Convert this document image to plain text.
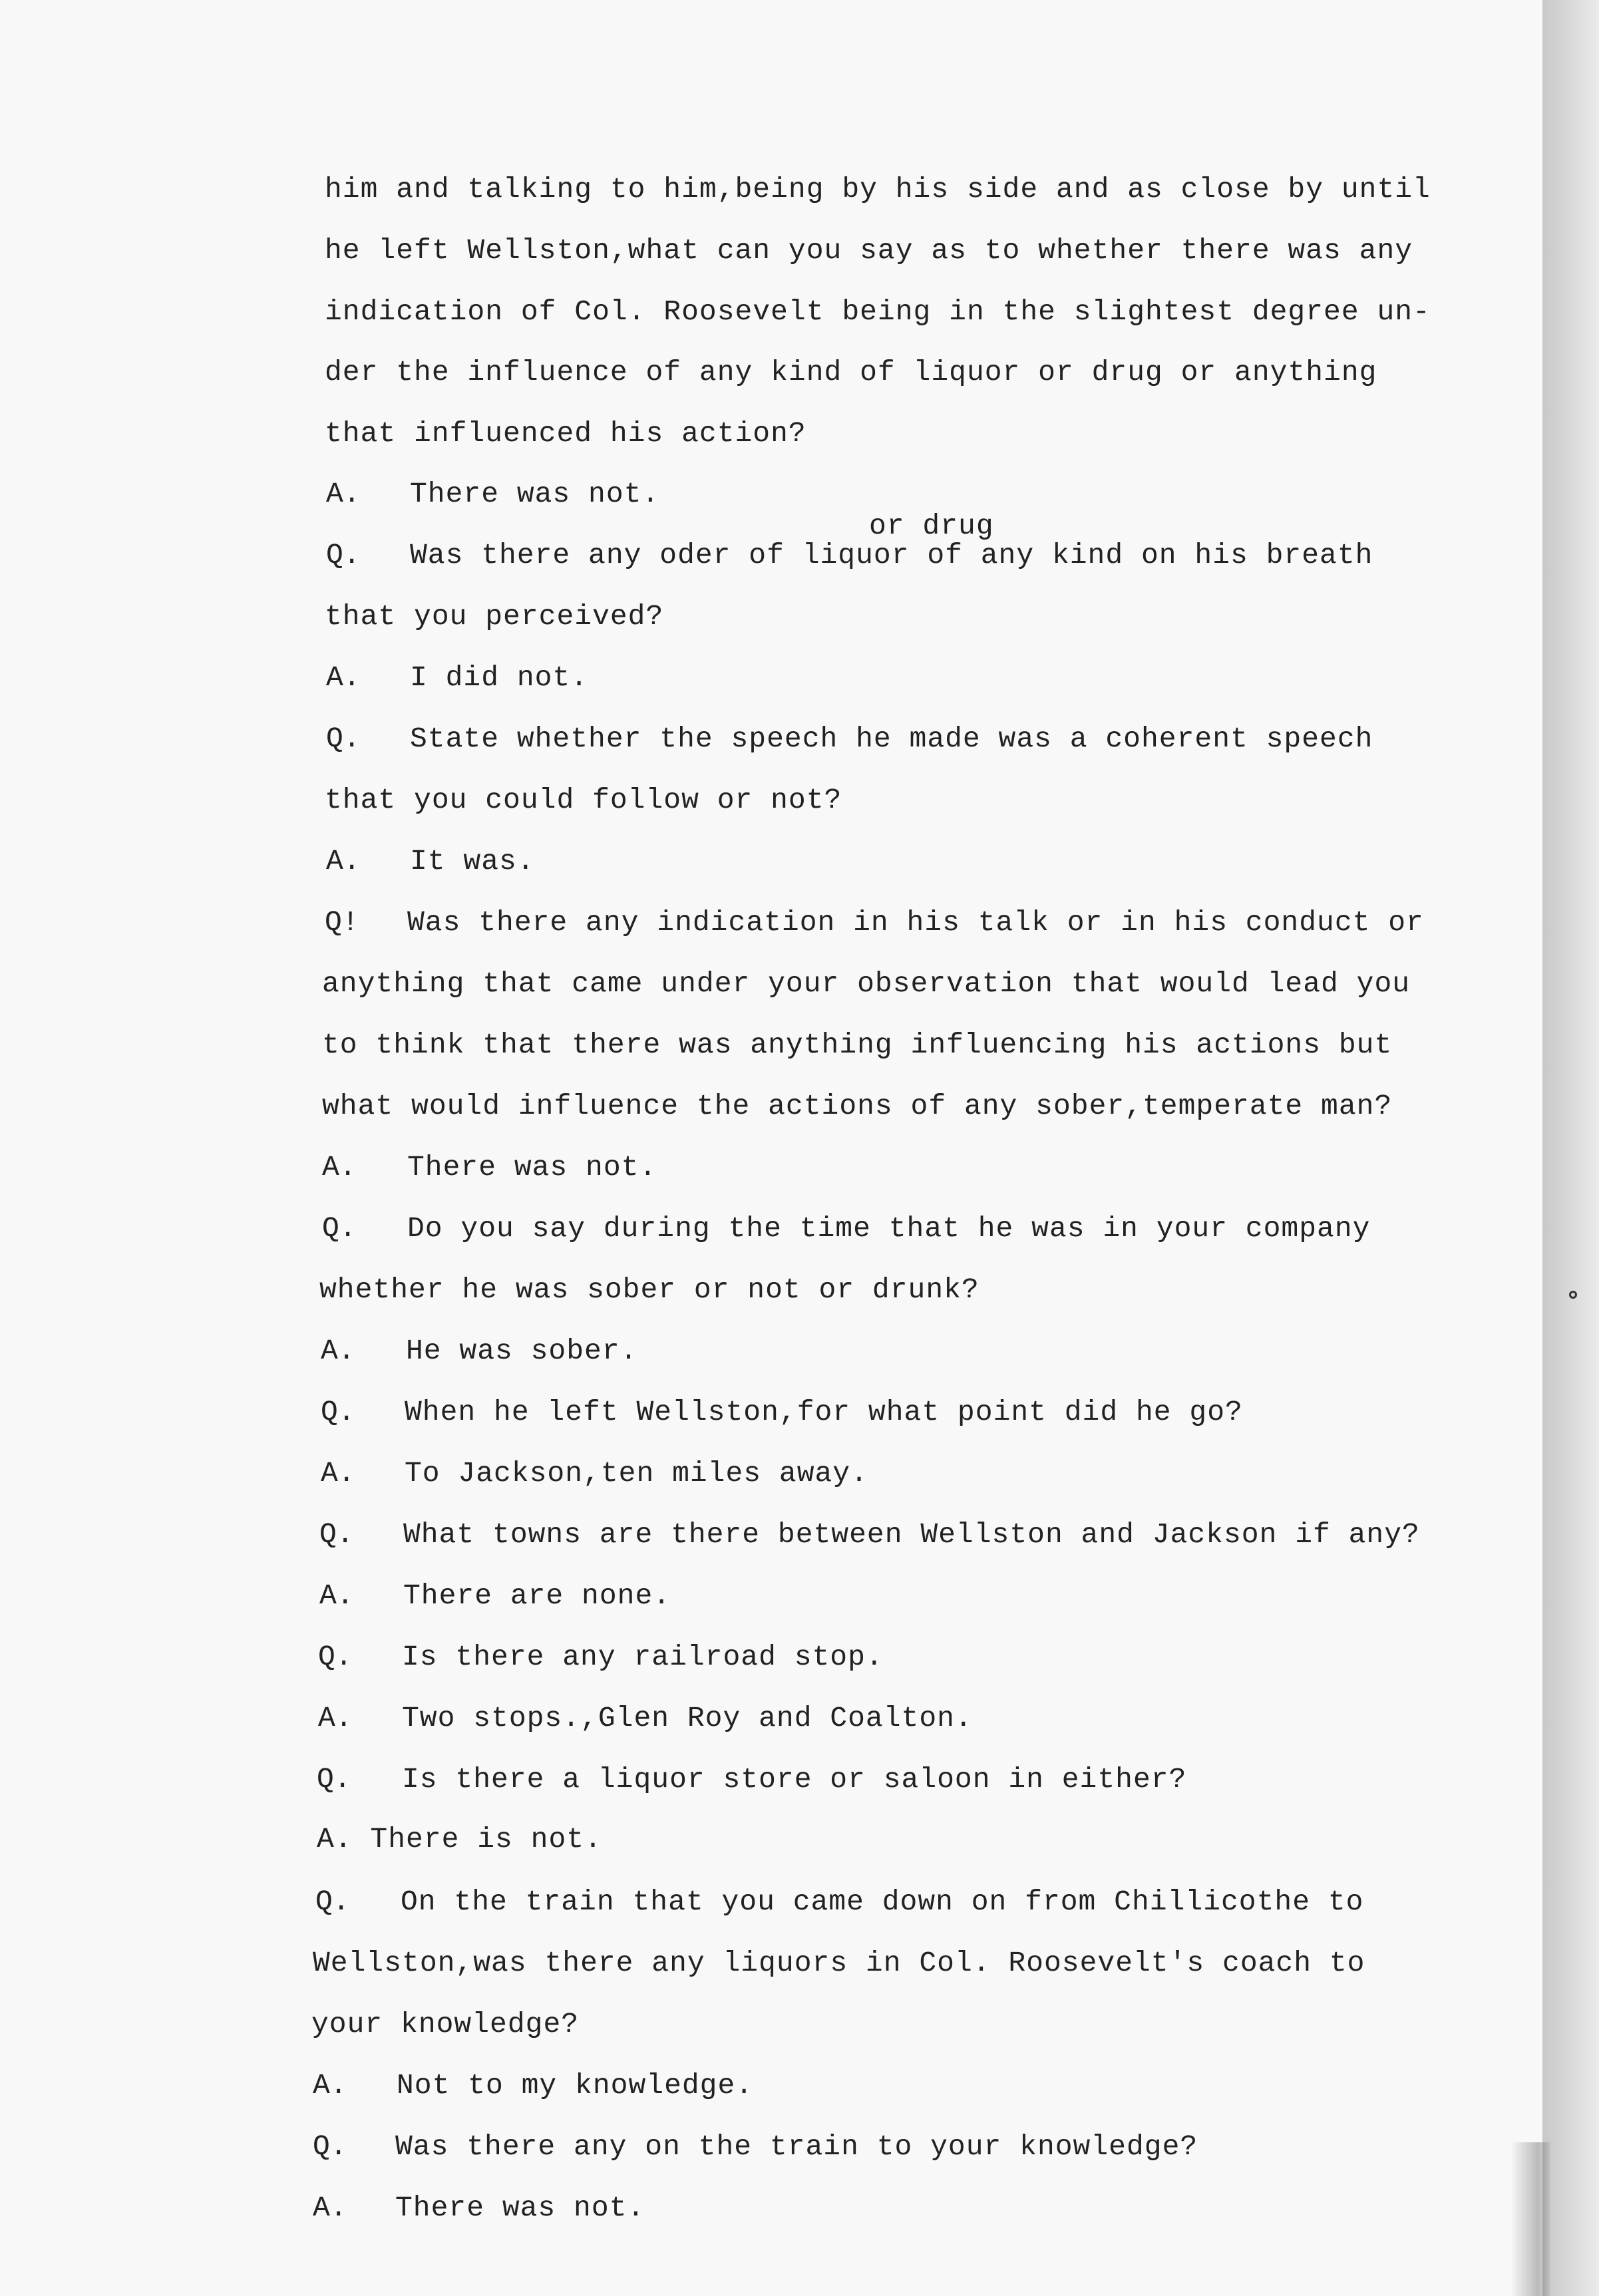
him and talking to him,being by his side and as close by until
he left Wellston,what can you say as to whether there was any
indication of Col. Roosevelt being in the slightest degree un-
der the influence of any kind of liquor or drug or anything
that influenced his action?
A. There was not.
or drug
Q. Was there any oder of liquor of any kind on his breath
that you perceived?
A. I did not.
Q. State whether the speech he made was a coherent speech
that you could follow or not?
A. It was.
Q! Was there any indication in his talk or in his conduct or
anything that came under your observation that would lead you
to think that there was anything influencing his actions but
what would influence the actions of any sober,temperate man?
A. There was not.
Q. Do you say during the time that he was in your company
whether he was sober or not or drunk?
A. He was sober.
Q. When he left Wellston,for what point did he go?
A. To Jackson,ten miles away.
Q. What towns are there between Wellston and Jackson if any?
A. There are none.
Q. Is there any railroad stop.
A. Two stops.,Glen Roy and Coalton.
Q. Is there a liquor store or saloon in either?
A. There is not.
Q. On the train that you came down on from Chillicothe to
Wellston,was there any liquors in Col. Roosevelt's coach to
your knowledge?
A. Not to my knowledge.
Q. Was there any on the train to your knowledge?
A. There was not.
